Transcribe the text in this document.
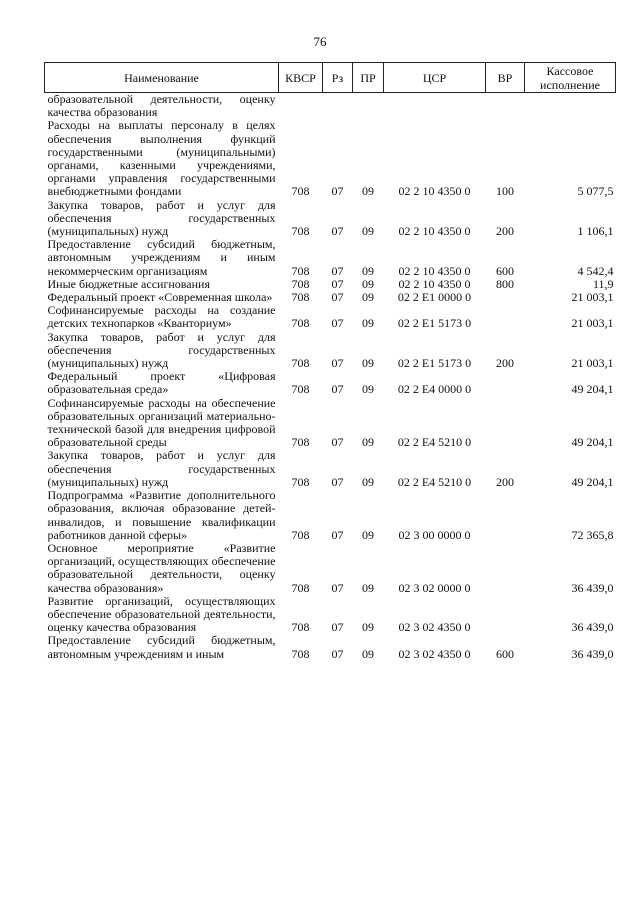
76
Наименование	КВСР	Рз	ПР	ЦСР	ВР	Кассовое исполнение
образовательной деятельности, оценку качества образования						
Расходы на выплаты персоналу в целях обеспечения выполнения функций государственными (муниципальными) органами, казенными учреждениями, органами управления государственными внебюджетными фондами	708	07	09	02 2 10 4350 0	100	5 077,5
Закупка товаров, работ и услуг для обеспечения государственных (муниципальных) нужд	708	07	09	02 2 10 4350 0	200	1 106,1
Предоставление субсидий бюджетным, автономным учреждениям и иным некоммерческим организациям	708	07	09	02 2 10 4350 0	600	4 542,4
Иные бюджетные ассигнования	708	07	09	02 2 10 4350 0	800	11,9
Федеральный проект «Современная школа»	708	07	09	02 2 E1 0000 0		21 003,1
Софинансируемые расходы на создание детских технопарков «Кванториум»	708	07	09	02 2 E1 5173 0		21 003,1
Закупка товаров, работ и услуг для обеспечения государственных (муниципальных) нужд	708	07	09	02 2 E1 5173 0	200	21 003,1
Федеральный проект «Цифровая образовательная среда»	708	07	09	02 2 E4 0000 0		49 204,1
Софинансируемые расходы на обеспечение образовательных организаций материально-технической базой для внедрения цифровой образовательной среды	708	07	09	02 2 E4 5210 0		49 204,1
Закупка товаров, работ и услуг для обеспечения государственных (муниципальных) нужд	708	07	09	02 2 E4 5210 0	200	49 204,1
Подпрограмма «Развитие дополнительного образования, включая образование детей-инвалидов, и повышение квалификации работников данной сферы»	708	07	09	02 3 00 0000 0		72 365,8
Основное мероприятие «Развитие организаций, осуществляющих обеспечение образовательной деятельности, оценку качества образования»	708	07	09	02 3 02 0000 0		36 439,0
Развитие организаций, осуществляющих обеспечение образовательной деятельности, оценку качества образования	708	07	09	02 3 02 4350 0		36 439,0
Предоставление субсидий бюджетным, автономным учреждениям и иным	708	07	09	02 3 02 4350 0	600	36 439,0
